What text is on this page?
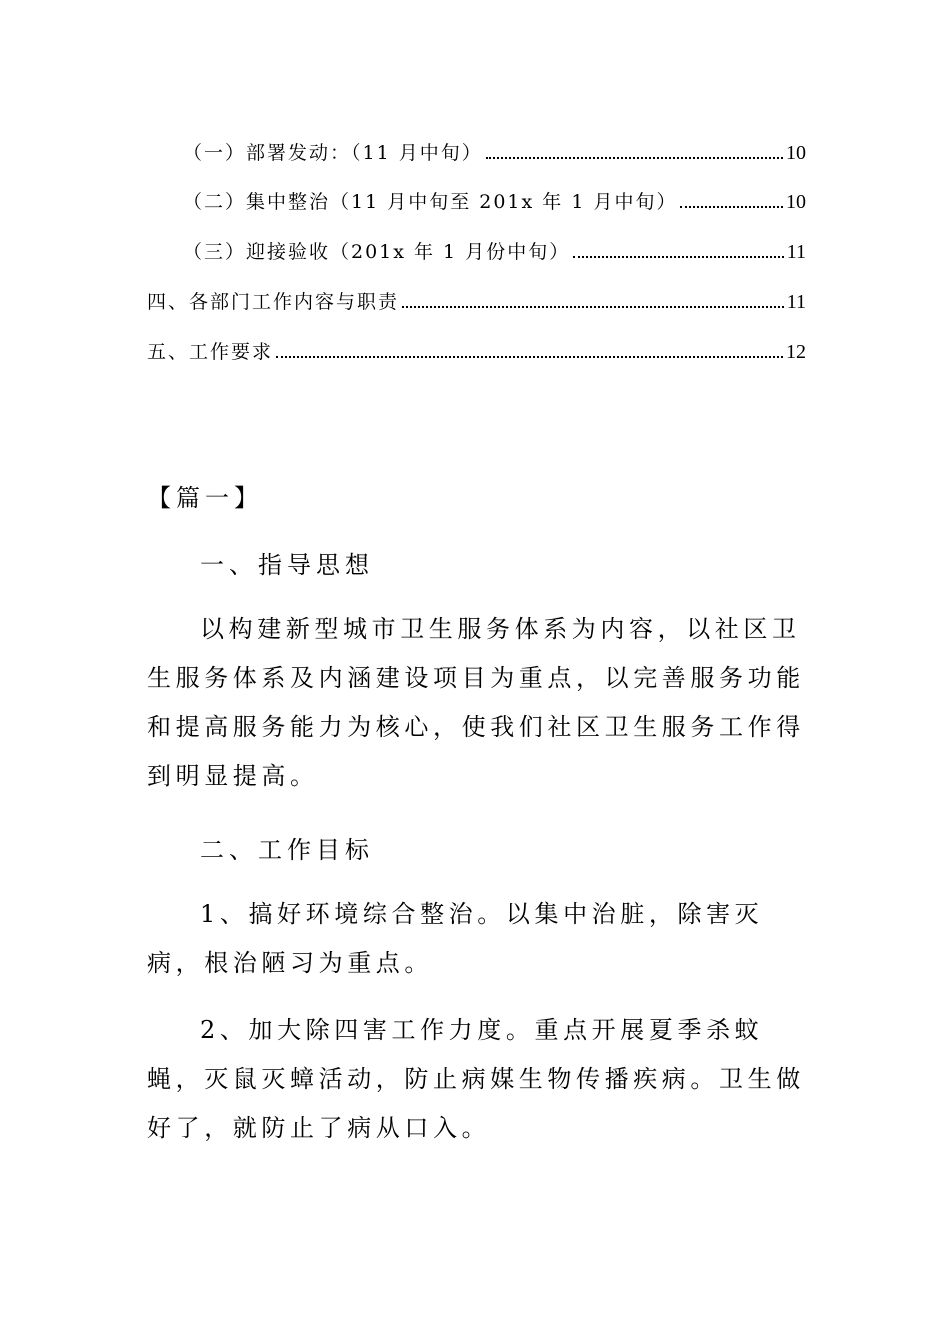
（一）部署发动：（11 月中旬）	10
（二）集中整治（11 月中旬至 201x 年 1 月中旬）	10
（三）迎接验收（201x 年 1 月份中旬）	11
四、各部门工作内容与职责	11
五、工作要求	12
【篇一】
一、指导思想
以构建新型城市卫生服务体系为内容，以社区卫生服务体系及内涵建设项目为重点，以完善服务功能和提高服务能力为核心，使我们社区卫生服务工作得到明显提高。
二、工作目标
1、搞好环境综合整治。以集中治脏，除害灭病，根治陋习为重点。
2、加大除四害工作力度。重点开展夏季杀蚊蝇，灭鼠灭蟑活动，防止病媒生物传播疾病。卫生做好了，就防止了病从口入。
